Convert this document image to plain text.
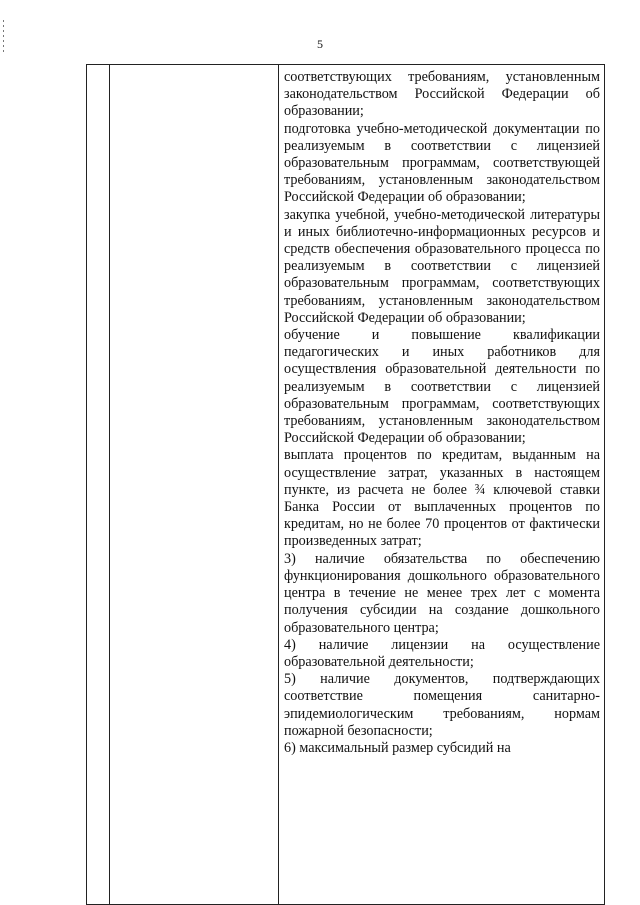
5

соответствующих требованиям, установленным законодательством Российской Федерации об образовании;

подготовка учебно-методической документации по реализуемым в соответствии с лицензией образовательным программам, соответствующей требованиям, установленным законодательством Российской Федерации об образовании;

закупка учебной, учебно-методической литературы и иных библиотечно-информационных ресурсов и средств обеспечения образовательного процесса по реализуемым в соответствии с лицензией образовательным программам, соответствующих требованиям, установленным законодательством Российской Федерации об образовании;

обучение и повышение квалификации педагогических и иных работников для осуществления образовательной деятельности по реализуемым в соответствии с лицензией образовательным программам, соответствующих требованиям, установленным законодательством Российской Федерации об образовании;

выплата процентов по кредитам, выданным на осуществление затрат, указанных в настоящем пункте, из расчета не более ¾ ключевой ставки Банка России от выплаченных процентов по кредитам, но не более 70 процентов от фактически произведенных затрат;

3) наличие обязательства по обеспечению функционирования дошкольного образовательного центра в течение не менее трех лет с момента получения субсидии на создание дошкольного образовательного центра;

4) наличие лицензии на осуществление образовательной деятельности;

5) наличие документов, подтверждающих соответствие помещения санитарно-эпидемиологическим требованиям, нормам пожарной безопасности;

6) максимальный размер субсидий на
